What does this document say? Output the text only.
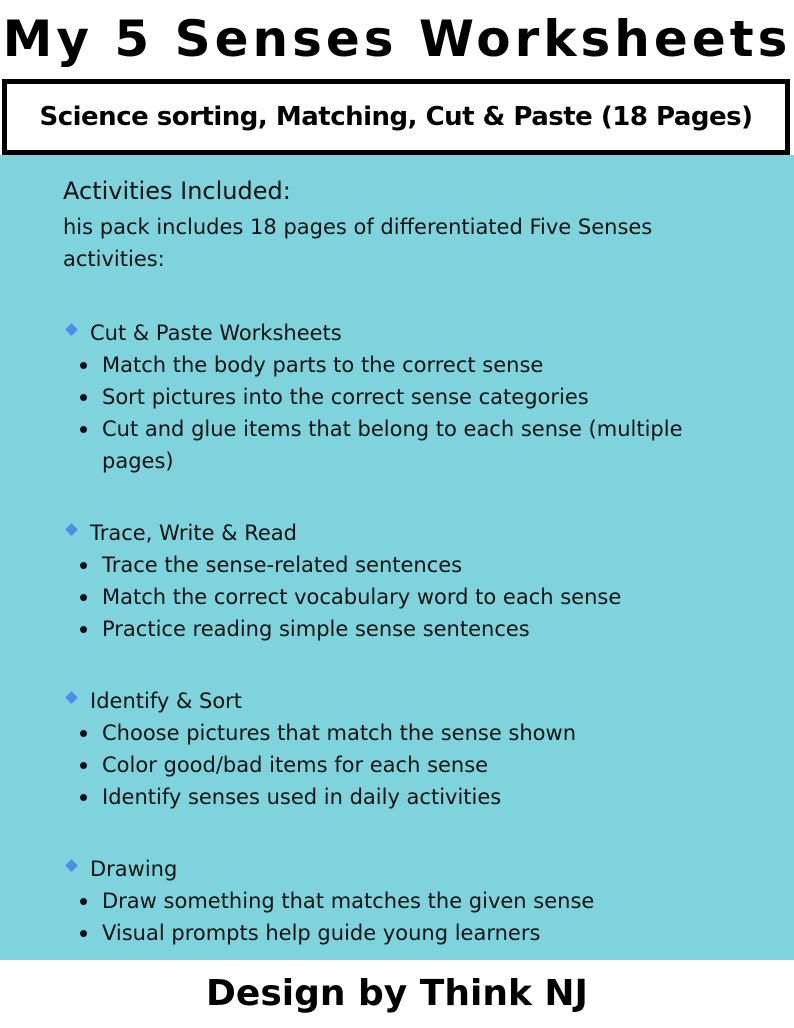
My 5 Senses Worksheets
Science sorting, Matching, Cut & Paste (18 Pages)
Activities Included:

his pack includes 18 pages of differentiated Five Senses activities:

Cut & Paste Worksheets
Match the body parts to the correct sense
Sort pictures into the correct sense categories
Cut and glue items that belong to each sense (multiple pages)
Trace, Write & Read
Trace the sense-related sentences
Match the correct vocabulary word to each sense
Practice reading simple sense sentences
Identify & Sort
Choose pictures that match the sense shown
Color good/bad items for each sense
Identify senses used in daily activities
Drawing
Draw something that matches the given sense
Visual prompts help guide young learners
Design by Think NJ
